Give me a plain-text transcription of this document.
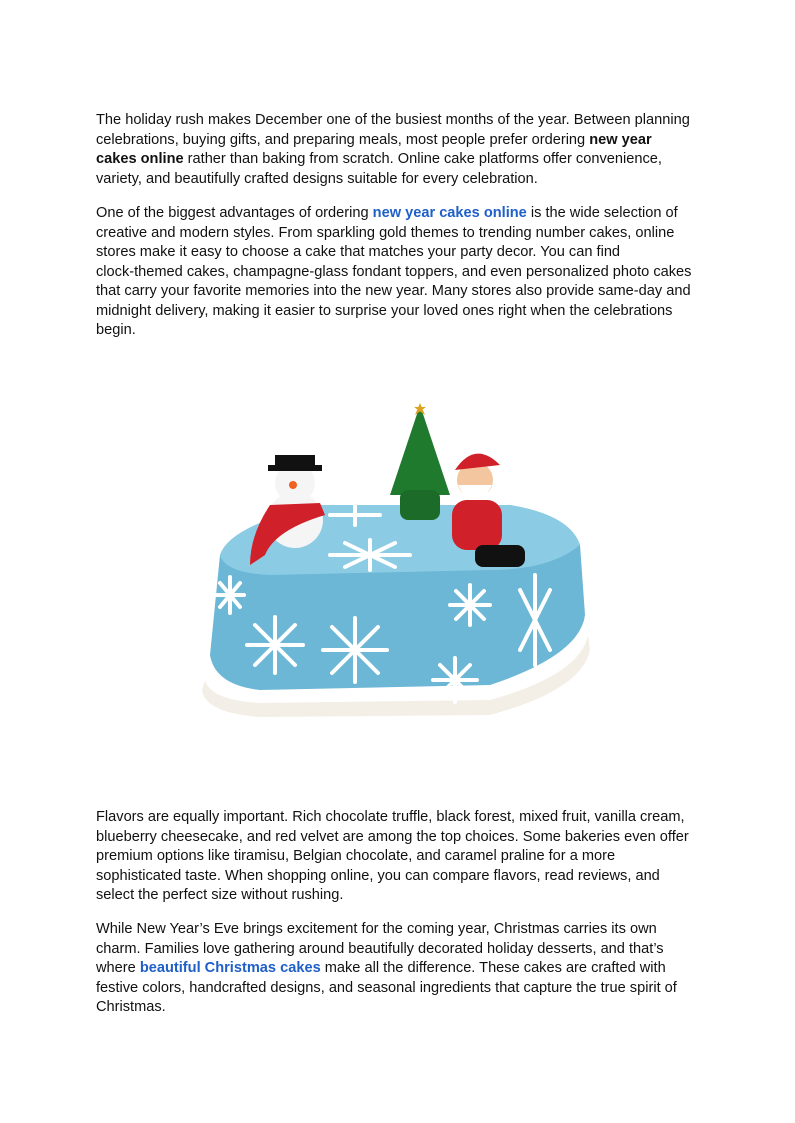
The holiday rush makes December one of the busiest months of the year. Between planning
celebrations, buying gifts, and preparing meals, most people prefer ordering new year
cakes online rather than baking from scratch. Online cake platforms offer convenience,
variety, and beautifully crafted designs suitable for every celebration.
One of the biggest advantages of ordering new year cakes online is the wide selection of
creative and modern styles. From sparkling gold themes to trending number cakes, online
stores make it easy to choose a cake that matches your party decor. You can find
clock-themed cakes, champagne-glass fondant toppers, and even personalized photo cakes
that carry your favorite memories into the new year. Many stores also provide same-day and
midnight delivery, making it easier to surprise your loved ones right when the celebrations
begin.
Flavors are equally important. Rich chocolate truffle, black forest, mixed fruit, vanilla cream,
blueberry cheesecake, and red velvet are among the top choices. Some bakeries even offer
premium options like tiramisu, Belgian chocolate, and caramel praline for a more
sophisticated taste. When shopping online, you can compare flavors, read reviews, and
select the perfect size without rushing.
While New Year’s Eve brings excitement for the coming year, Christmas carries its own
charm. Families love gathering around beautifully decorated holiday desserts, and that’s
where beautiful Christmas cakes make all the difference. These cakes are crafted with
festive colors, handcrafted designs, and seasonal ingredients that capture the true spirit of
Christmas.
